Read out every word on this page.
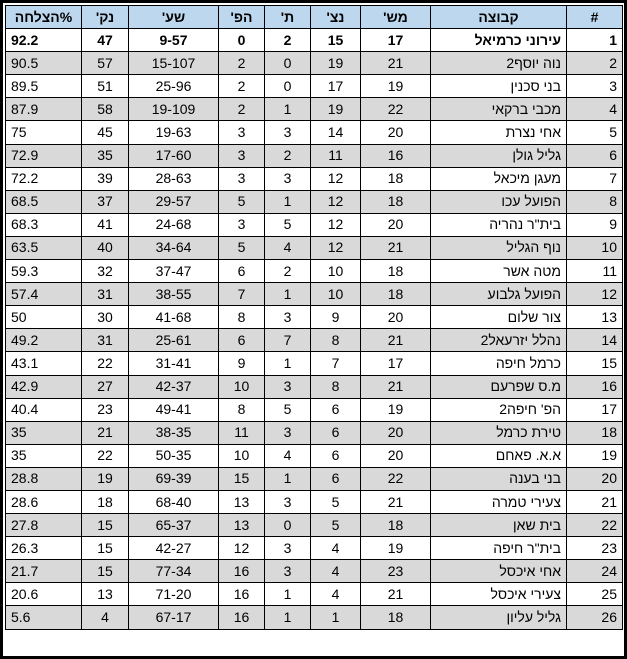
#	קבוצה	מש'	נצ'	ת'	הפ'	שע'	נק'	%הצלחה
1	עירוני כרמיאל	17	15	2	0	9-57	47	92.2
2	נוה יוסף2	21	19	0	2	15-107	57	90.5
3	בני סכנין	19	17	0	2	25-96	51	89.5
4	מכבי ברקאי	22	19	1	2	19-109	58	87.9
5	אחי נצרת	20	14	3	3	19-63	45	75
6	גליל גולן	16	11	2	3	17-60	35	72.9
7	מעגן מיכאל	18	12	3	3	28-63	39	72.2
8	הפועל עכו	18	12	1	5	29-57	37	68.5
9	בית"ר נהריה	20	12	5	3	24-68	41	68.3
10	נוף הגליל	21	12	4	5	34-64	40	63.5
11	מטה אשר	18	10	2	6	37-47	32	59.3
12	הפועל גלבוע	18	10	1	7	38-55	31	57.4
13	צור שלום	20	9	3	8	41-68	30	50
14	נהלל יזרעאל2	21	8	7	6	25-61	31	49.2
15	כרמל חיפה	17	7	1	9	31-41	22	43.1
16	מ.ס שפרעם	21	8	3	10	42-37	27	42.9
17	הפ' חיפה2	19	6	5	8	49-41	23	40.4
18	טירת כרמל	20	6	3	11	38-35	21	35
19	א.א. פאחם	20	6	4	10	50-35	22	35
20	בני בענה	22	6	1	15	69-39	19	28.8
21	צעירי טמרה	21	5	3	13	68-40	18	28.6
22	בית שאן	18	5	0	13	65-37	15	27.8
23	בית"ר חיפה	19	4	3	12	42-27	15	26.3
24	אחי איכסל	23	4	3	16	77-34	15	21.7
25	צעירי איכסל	21	4	1	16	71-20	13	20.6
26	גליל עליון	18	1	1	16	67-17	4	5.6
